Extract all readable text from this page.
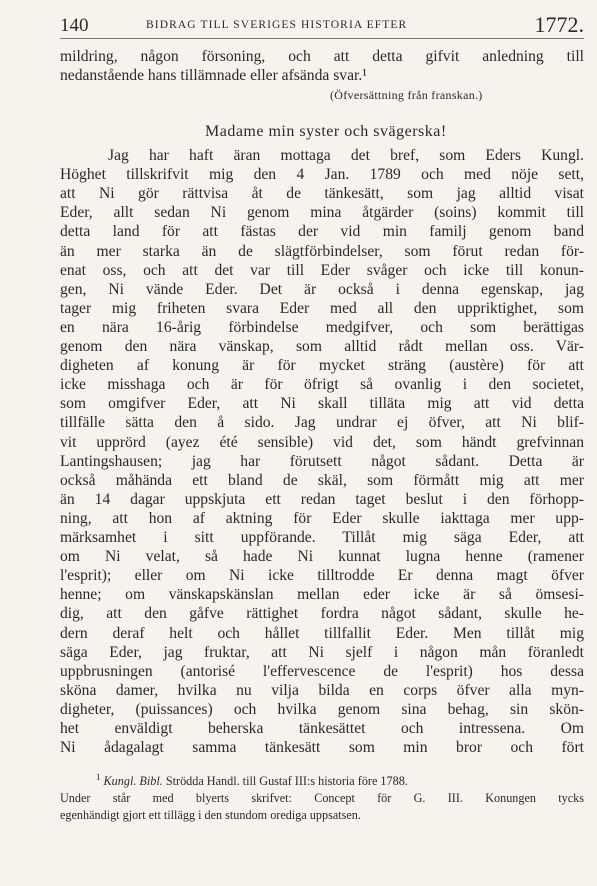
140	BIDRAG TILL SVERIGES HISTORIA EFTER	1772.
mildring, någon försoning, och att detta gifvit anledning till
nedanstående hans tillämnade eller afsända svar.¹
(Öfversättning från franskan.)
Madame min syster och svägerska!
Jag har haft äran mottaga det bref, som Eders Kungl.
Höghet tillskrifvit mig den 4 Jan. 1789 och med nöje sett,
att Ni gör rättvisa åt de tänkesätt, som jag alltid visat
Eder, allt sedan Ni genom mina åtgärder (soins) kommit till
detta land för att fästas der vid min familj genom band
än mer starka än de slägtförbindelser, som förut redan för-
enat oss, och att det var till Eder svåger och icke till konun-
gen, Ni vände Eder. Det är också i denna egenskap, jag
tager mig friheten svara Eder med all den uppriktighet, som
en nära 16-årig förbindelse medgifver, och som berättigas
genom den nära vänskap, som alltid rådt mellan oss. Vär-
digheten af konung är för mycket sträng (austère) för att
icke misshaga och är för öfrigt så ovanlig i den societet,
som omgifver Eder, att Ni skall tilläta mig att vid detta
tillfälle sätta den å sido. Jag undrar ej öfver, att Ni blif-
vit upprörd (ayez été sensible) vid det, som händt grefvinnan
Lantingshausen; jag har förutsett något sådant. Detta är
också måhända ett bland de skäl, som förmått mig att mer
än 14 dagar uppskjuta ett redan taget beslut i den förhopp-
ning, att hon af aktning för Eder skulle iakttaga mer upp-
märksamhet i sitt uppförande. Tillåt mig säga Eder, att
om Ni velat, så hade Ni kunnat lugna henne (ramener
l'esprit); eller om Ni icke tilltrodde Er denna magt öfver
henne; om vänskapskänslan mellan eder icke är så ömsesi-
dig, att den gåfve rättighet fordra något sådant, skulle he-
dern deraf helt och hållet tillfallit Eder. Men tillåt mig
säga Eder, jag fruktar, att Ni sjelf i någon mån föranledt
uppbrusningen (antorisé l'effervescence de l'esprit) hos dessa
sköna damer, hvilka nu vilja bilda en corps öfver alla myn-
digheter, (puissances) och hvilka genom sina behag, sin skön-
het enväldigt beherska tänkesättet och intressena. Om
Ni ådagalagt samma tänkesätt som min bror och fört
$^1$ Kungl. Bibl. Strödda Handl. till Gustaf III:s historia före 1788.
Under står med blyerts skrifvet: Concept för G. III. Konungen tycks
egenhändigt gjort ett tillägg i den stundom orediga uppsatsen.
